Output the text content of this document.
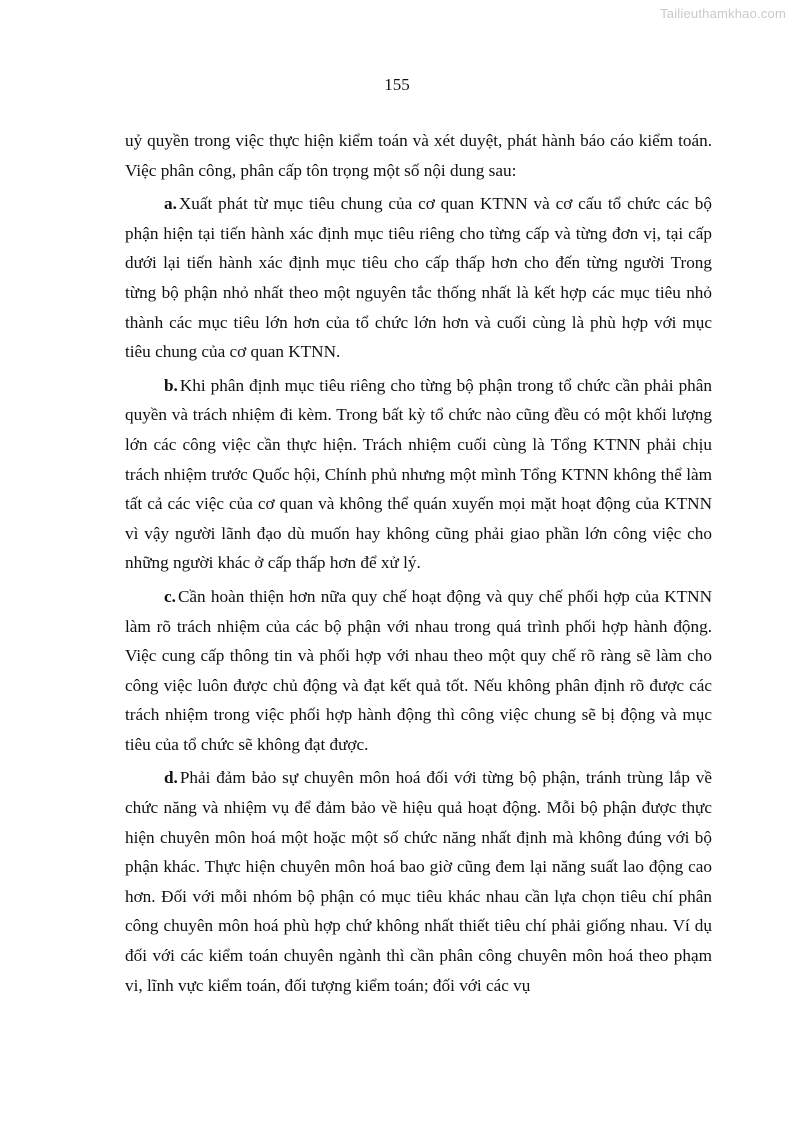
Tailieuthamkhao.com
155

uỷ quyền trong việc thực hiện kiểm toán và xét duyệt, phát hành báo cáo kiểm toán. Việc phân công, phân cấp tôn trọng một số nội dung sau:

a. Xuất phát từ mục tiêu chung của cơ quan KTNN và cơ cấu tổ chức các bộ phận hiện tại tiến hành xác định mục tiêu riêng cho từng cấp và từng đơn vị, tại cấp dưới lại tiến hành xác định mục tiêu cho cấp thấp hơn cho đến từng người Trong từng bộ phận nhỏ nhất theo một nguyên tắc thống nhất là kết hợp các mục tiêu nhỏ thành các mục tiêu lớn hơn của tổ chức lớn hơn và cuối cùng là phù hợp với mục tiêu chung của cơ quan KTNN.

b. Khi phân định mục tiêu riêng cho từng bộ phận trong tổ chức cần phải phân quyền và trách nhiệm đi kèm. Trong bất kỳ tổ chức nào cũng đều có một khối lượng lớn các công việc cần thực hiện. Trách nhiệm cuối cùng là Tổng KTNN phải chịu trách nhiệm trước Quốc hội, Chính phủ nhưng một mình Tổng KTNN không thể làm tất cả các việc của cơ quan và không thể quán xuyến mọi mặt hoạt động của KTNN vì vậy người lãnh đạo dù muốn hay không cũng phải giao phần lớn công việc cho những người khác ở cấp thấp hơn để xử lý.

c. Cần hoàn thiện hơn nữa quy chế hoạt động và quy chế phối hợp của KTNN làm rõ trách nhiệm của các bộ phận với nhau trong quá trình phối hợp hành động. Việc cung cấp thông tin và phối hợp với nhau theo một quy chế rõ ràng sẽ làm cho công việc luôn được chủ động và đạt kết quả tốt. Nếu không phân định rõ được các trách nhiệm trong việc phối hợp hành động thì công việc chung sẽ bị động và mục tiêu của tổ chức sẽ không đạt được.

d. Phải đảm bảo sự chuyên môn hoá đối với từng bộ phận, tránh trùng lắp về chức năng và nhiệm vụ để đảm bảo về hiệu quả hoạt động. Mỗi bộ phận được thực hiện chuyên môn hoá một hoặc một số chức năng nhất định mà không đúng với bộ phận khác. Thực hiện chuyên môn hoá bao giờ cũng đem lại năng suất lao động cao hơn. Đối với mỗi nhóm bộ phận có mục tiêu khác nhau cần lựa chọn tiêu chí phân công chuyên môn hoá phù hợp chứ không nhất thiết tiêu chí phải giống nhau. Ví dụ đối với các kiểm toán chuyên ngành thì cần phân công chuyên môn hoá theo phạm vi, lĩnh vực kiểm toán, đối tượng kiểm toán; đối với các vụ
